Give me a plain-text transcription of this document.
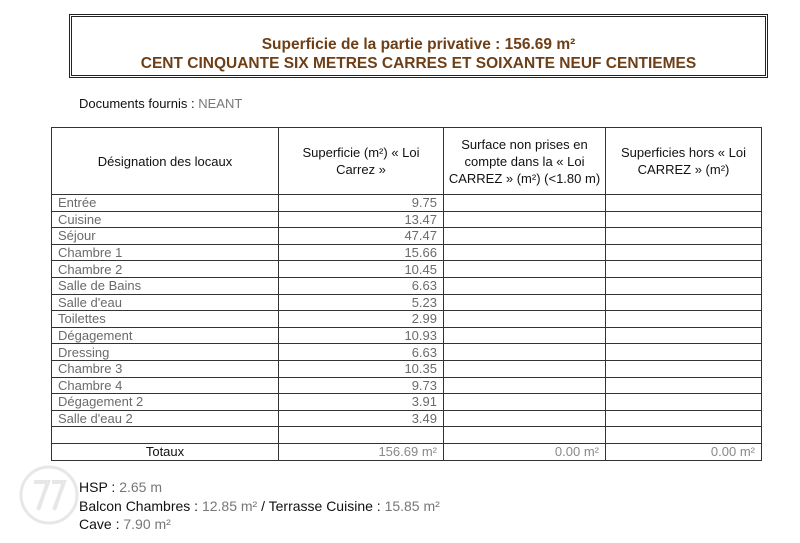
Superficie de la partie privative : 156.69 m²
CENT CINQUANTE SIX METRES CARRES ET SOIXANTE NEUF CENTIEMES
Documents fournis : NEANT
Désignation des locaux	Superficie (m²) « Loi Carrez »	Surface non prises en compte dans la « Loi CARREZ » (m²) (<1.80 m)	Superficies hors « Loi CARREZ » (m²)
Entrée	9.75		
Cuisine	13.47		
Séjour	47.47		
Chambre 1	15.66		
Chambre 2	10.45		
Salle de Bains	6.63		
Salle d'eau	5.23		
Toilettes	2.99		
Dégagement	10.93		
Dressing	6.63		
Chambre 3	10.35		
Chambre 4	9.73		
Dégagement 2	3.91		
Salle d'eau 2	3.49		

Totaux	156.69 m²	0.00 m²	0.00 m²
HSP : 2.65 m
Balcon Chambres : 12.85 m² / Terrasse Cuisine : 15.85 m²
Cave : 7.90 m²
